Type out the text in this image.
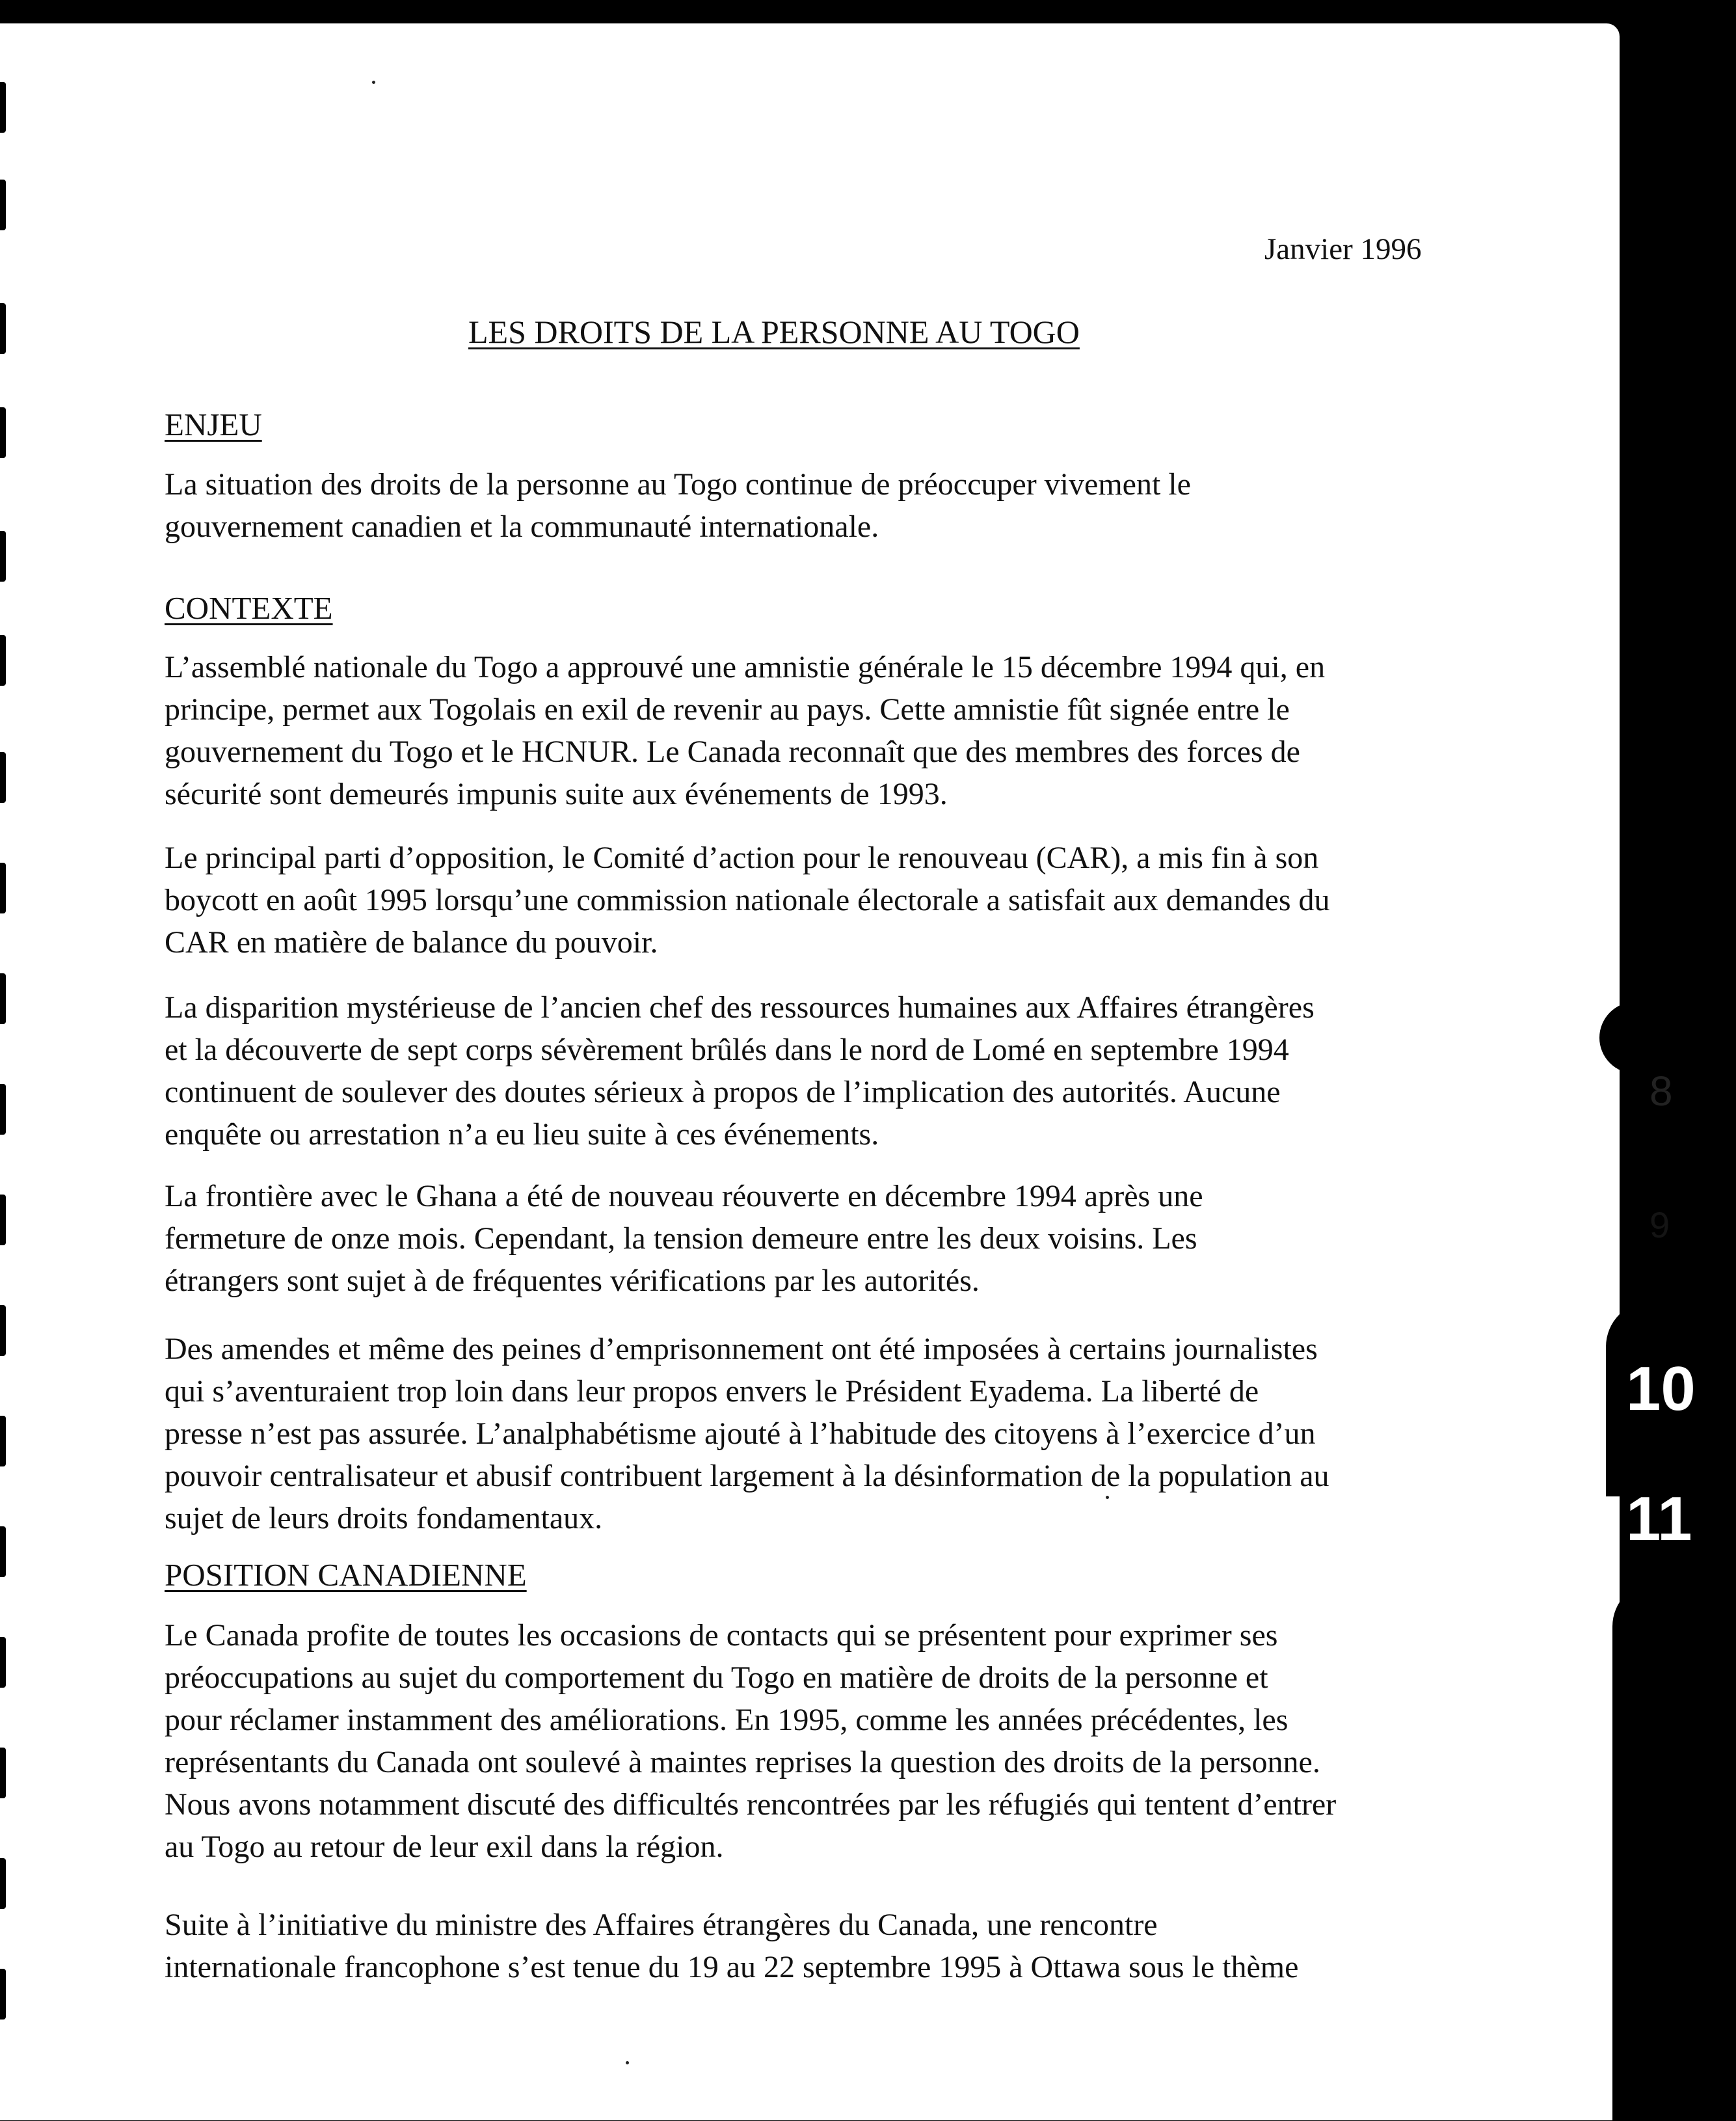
Janvier 1996
LES DROITS DE LA PERSONNE AU TOGO
ENJEU

La situation des droits de la personne au Togo continue de préoccuper vivement le
gouvernement canadien et la communauté internationale.

CONTEXTE

L’assemblé nationale du Togo a approuvé une amnistie générale le 15 décembre 1994 qui, en
principe, permet aux Togolais en exil de revenir au pays. Cette amnistie fût signée entre le
gouvernement du Togo et le HCNUR. Le Canada reconnaît que des membres des forces de
sécurité sont demeurés impunis suite aux événements de 1993.

Le principal parti d’opposition, le Comité d’action pour le renouveau (CAR), a mis fin à son
boycott en août 1995 lorsqu’une commission nationale électorale a satisfait aux demandes du
CAR en matière de balance du pouvoir.

La disparition mystérieuse de l’ancien chef des ressources humaines aux Affaires étrangères
et la découverte de sept corps sévèrement brûlés dans le nord de Lomé en septembre 1994
continuent de soulever des doutes sérieux à propos de l’implication des autorités. Aucune
enquête ou arrestation n’a eu lieu suite à ces événements.

La frontière avec le Ghana a été de nouveau réouverte en décembre 1994 après une
fermeture de onze mois. Cependant, la tension demeure entre les deux voisins. Les
étrangers sont sujet à de fréquentes vérifications par les autorités.

Des amendes et même des peines d’emprisonnement ont été imposées à certains journalistes
qui s’aventuraient trop loin dans leur propos envers le Président Eyadema. La liberté de
presse n’est pas assurée. L’analphabétisme ajouté à l’habitude des citoyens à l’exercice d’un
pouvoir centralisateur et abusif contribuent largement à la désinformation de la population au
sujet de leurs droits fondamentaux.

POSITION CANADIENNE

Le Canada profite de toutes les occasions de contacts qui se présentent pour exprimer ses
préoccupations au sujet du comportement du Togo en matière de droits de la personne et
pour réclamer instamment des améliorations. En 1995, comme les années précédentes, les
représentants du Canada ont soulevé à maintes reprises la question des droits de la personne.
Nous avons notamment discuté des difficultés rencontrées par les réfugiés qui tentent d’entrer
au Togo au retour de leur exil dans la région.

Suite à l’initiative du ministre des Affaires étrangères du Canada, une rencontre
internationale francophone s’est tenue du 19 au 22 septembre 1995 à Ottawa sous le thème

8
9
10
11
